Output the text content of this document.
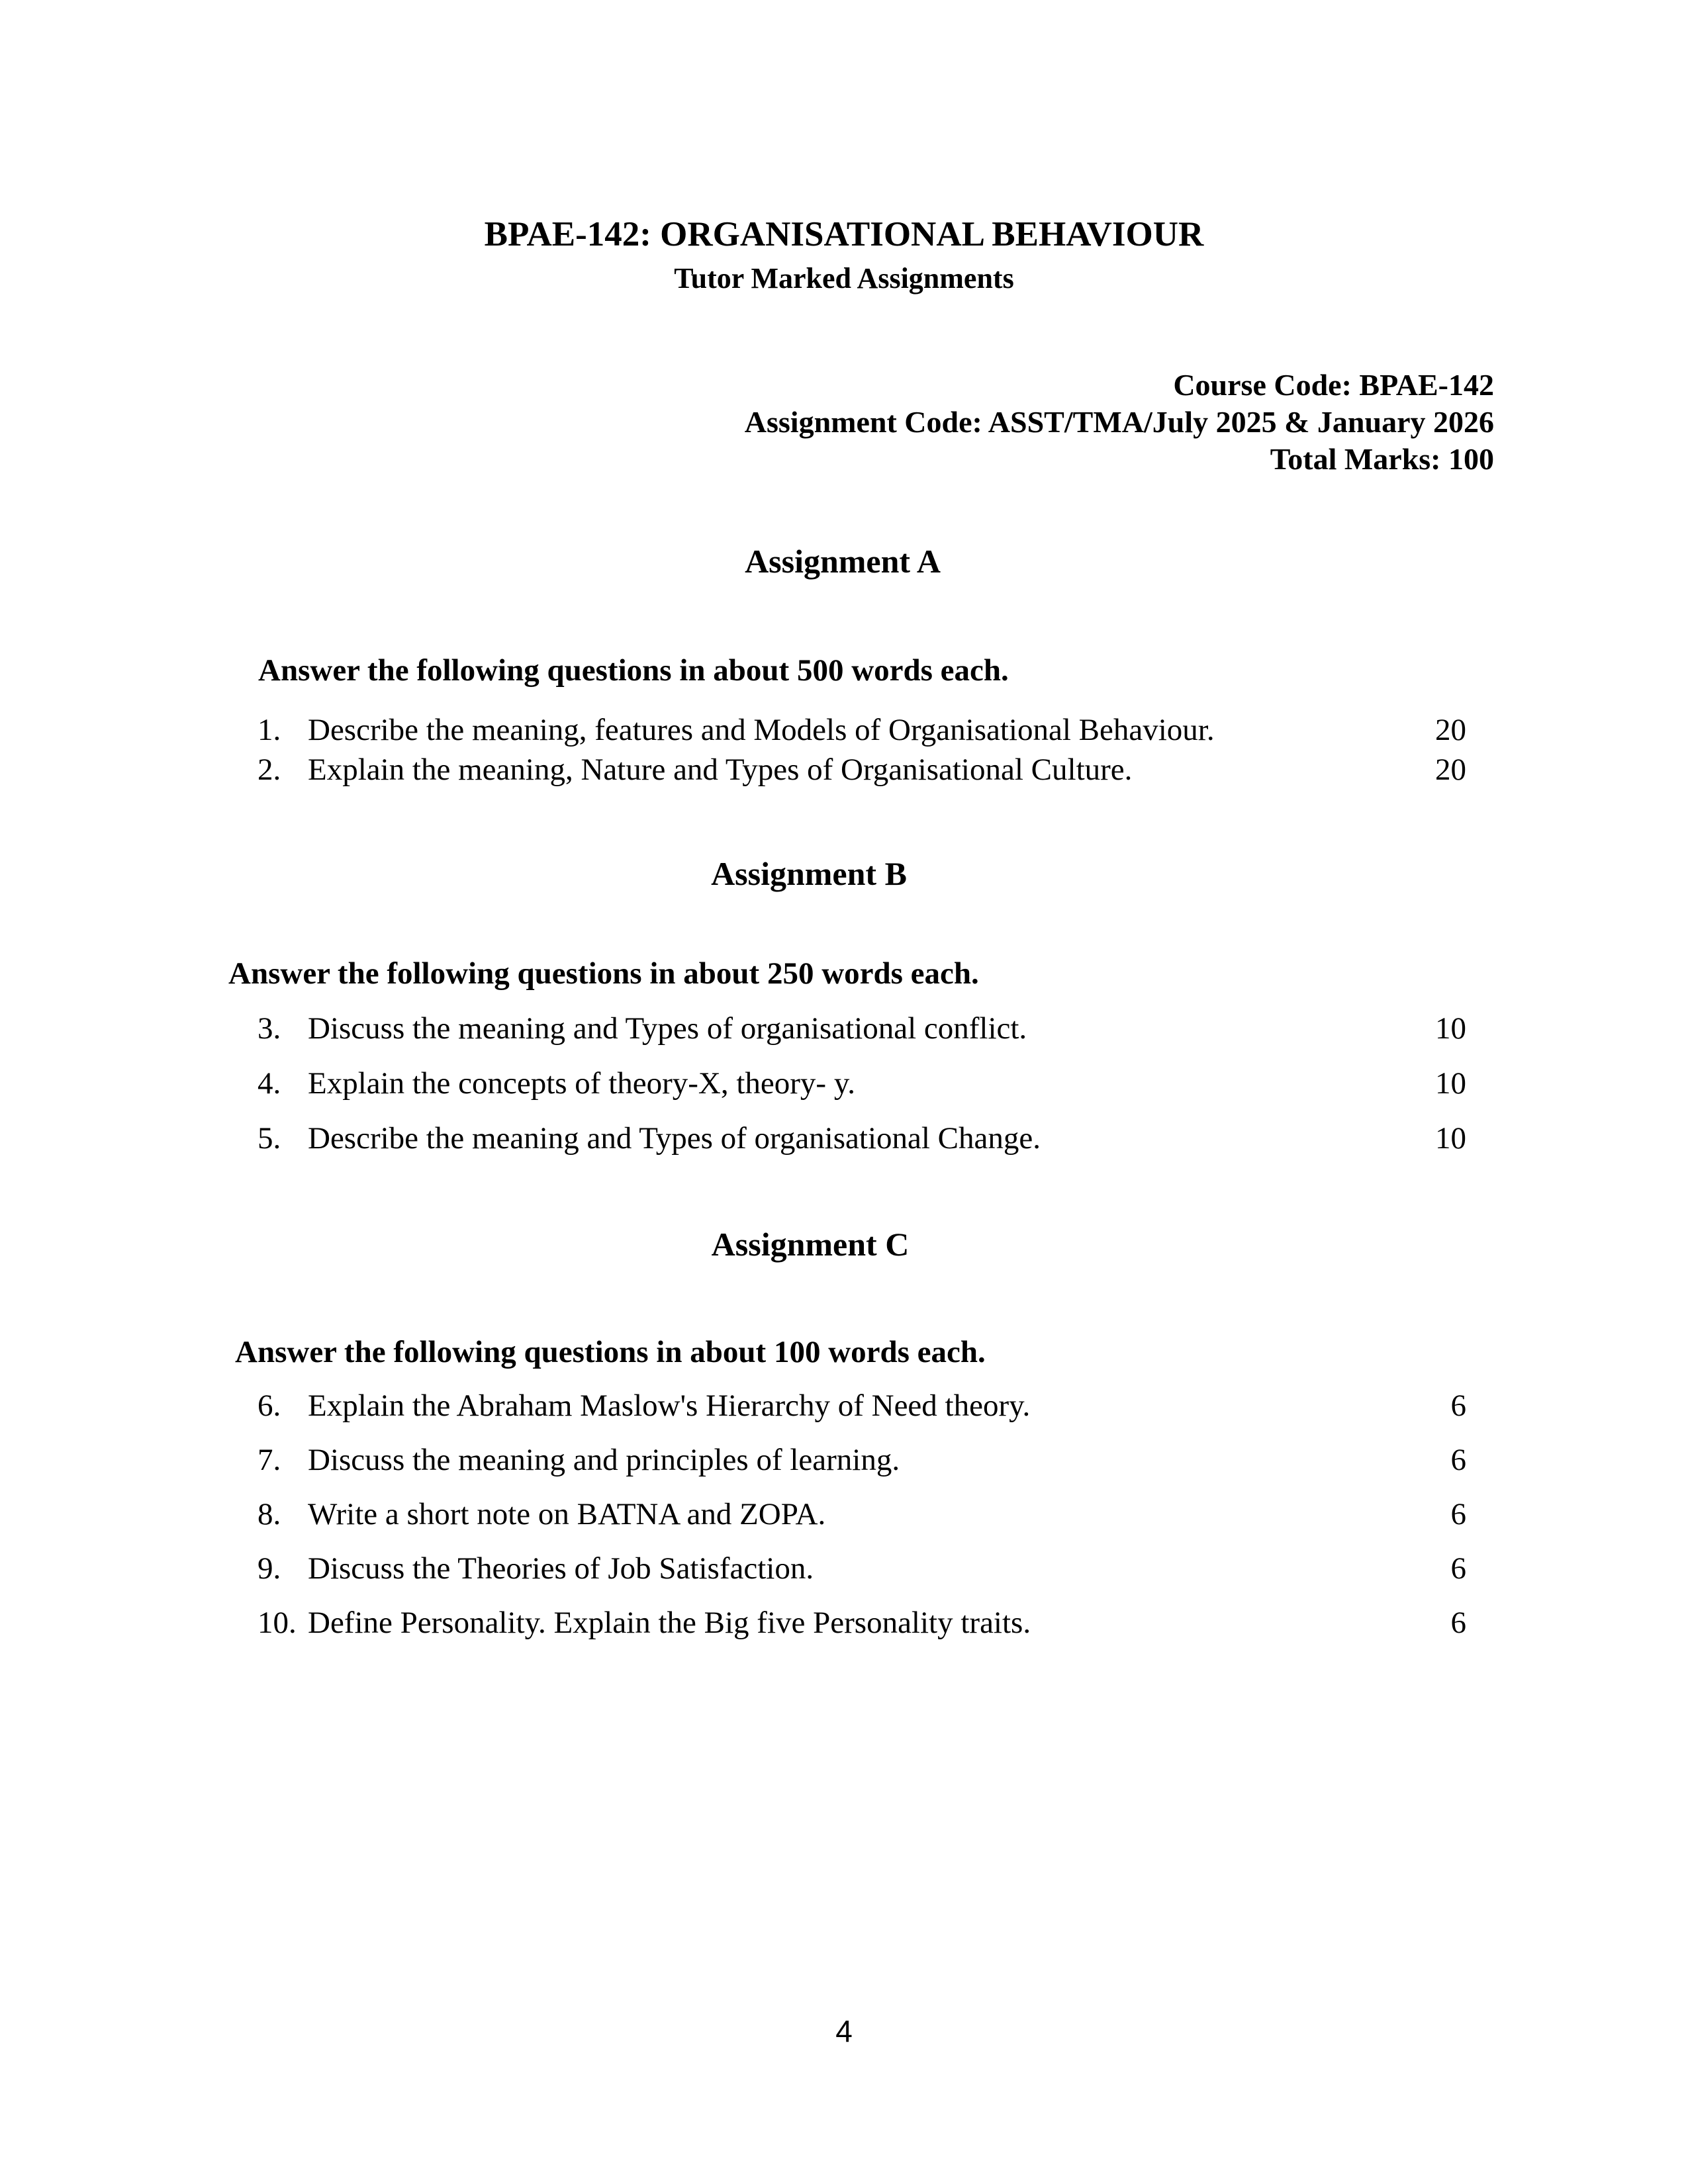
BPAE-142: ORGANISATIONAL BEHAVIOUR
Tutor Marked Assignments
Course Code: BPAE-142
Assignment Code: ASST/TMA/July 2025 & January 2026
Total Marks: 100
Assignment A
Answer the following questions in about 500 words each.
1. Describe the meaning, features and Models of Organisational Behaviour.	20
2. Explain the meaning, Nature and Types of Organisational Culture.	20
Assignment B
Answer the following questions in about 250 words each.
3. Discuss the meaning and Types of organisational conflict.	10
4. Explain the concepts of theory-X, theory- y.	10
5. Describe the meaning and Types of organisational Change.	10
Assignment C
Answer the following questions in about 100 words each.
6. Explain the Abraham Maslow's Hierarchy of Need theory.	6
7. Discuss the meaning and principles of learning.	6
8. Write a short note on BATNA and ZOPA.	6
9. Discuss the Theories of Job Satisfaction.	6
10. Define Personality. Explain the Big five Personality traits.	6
4
